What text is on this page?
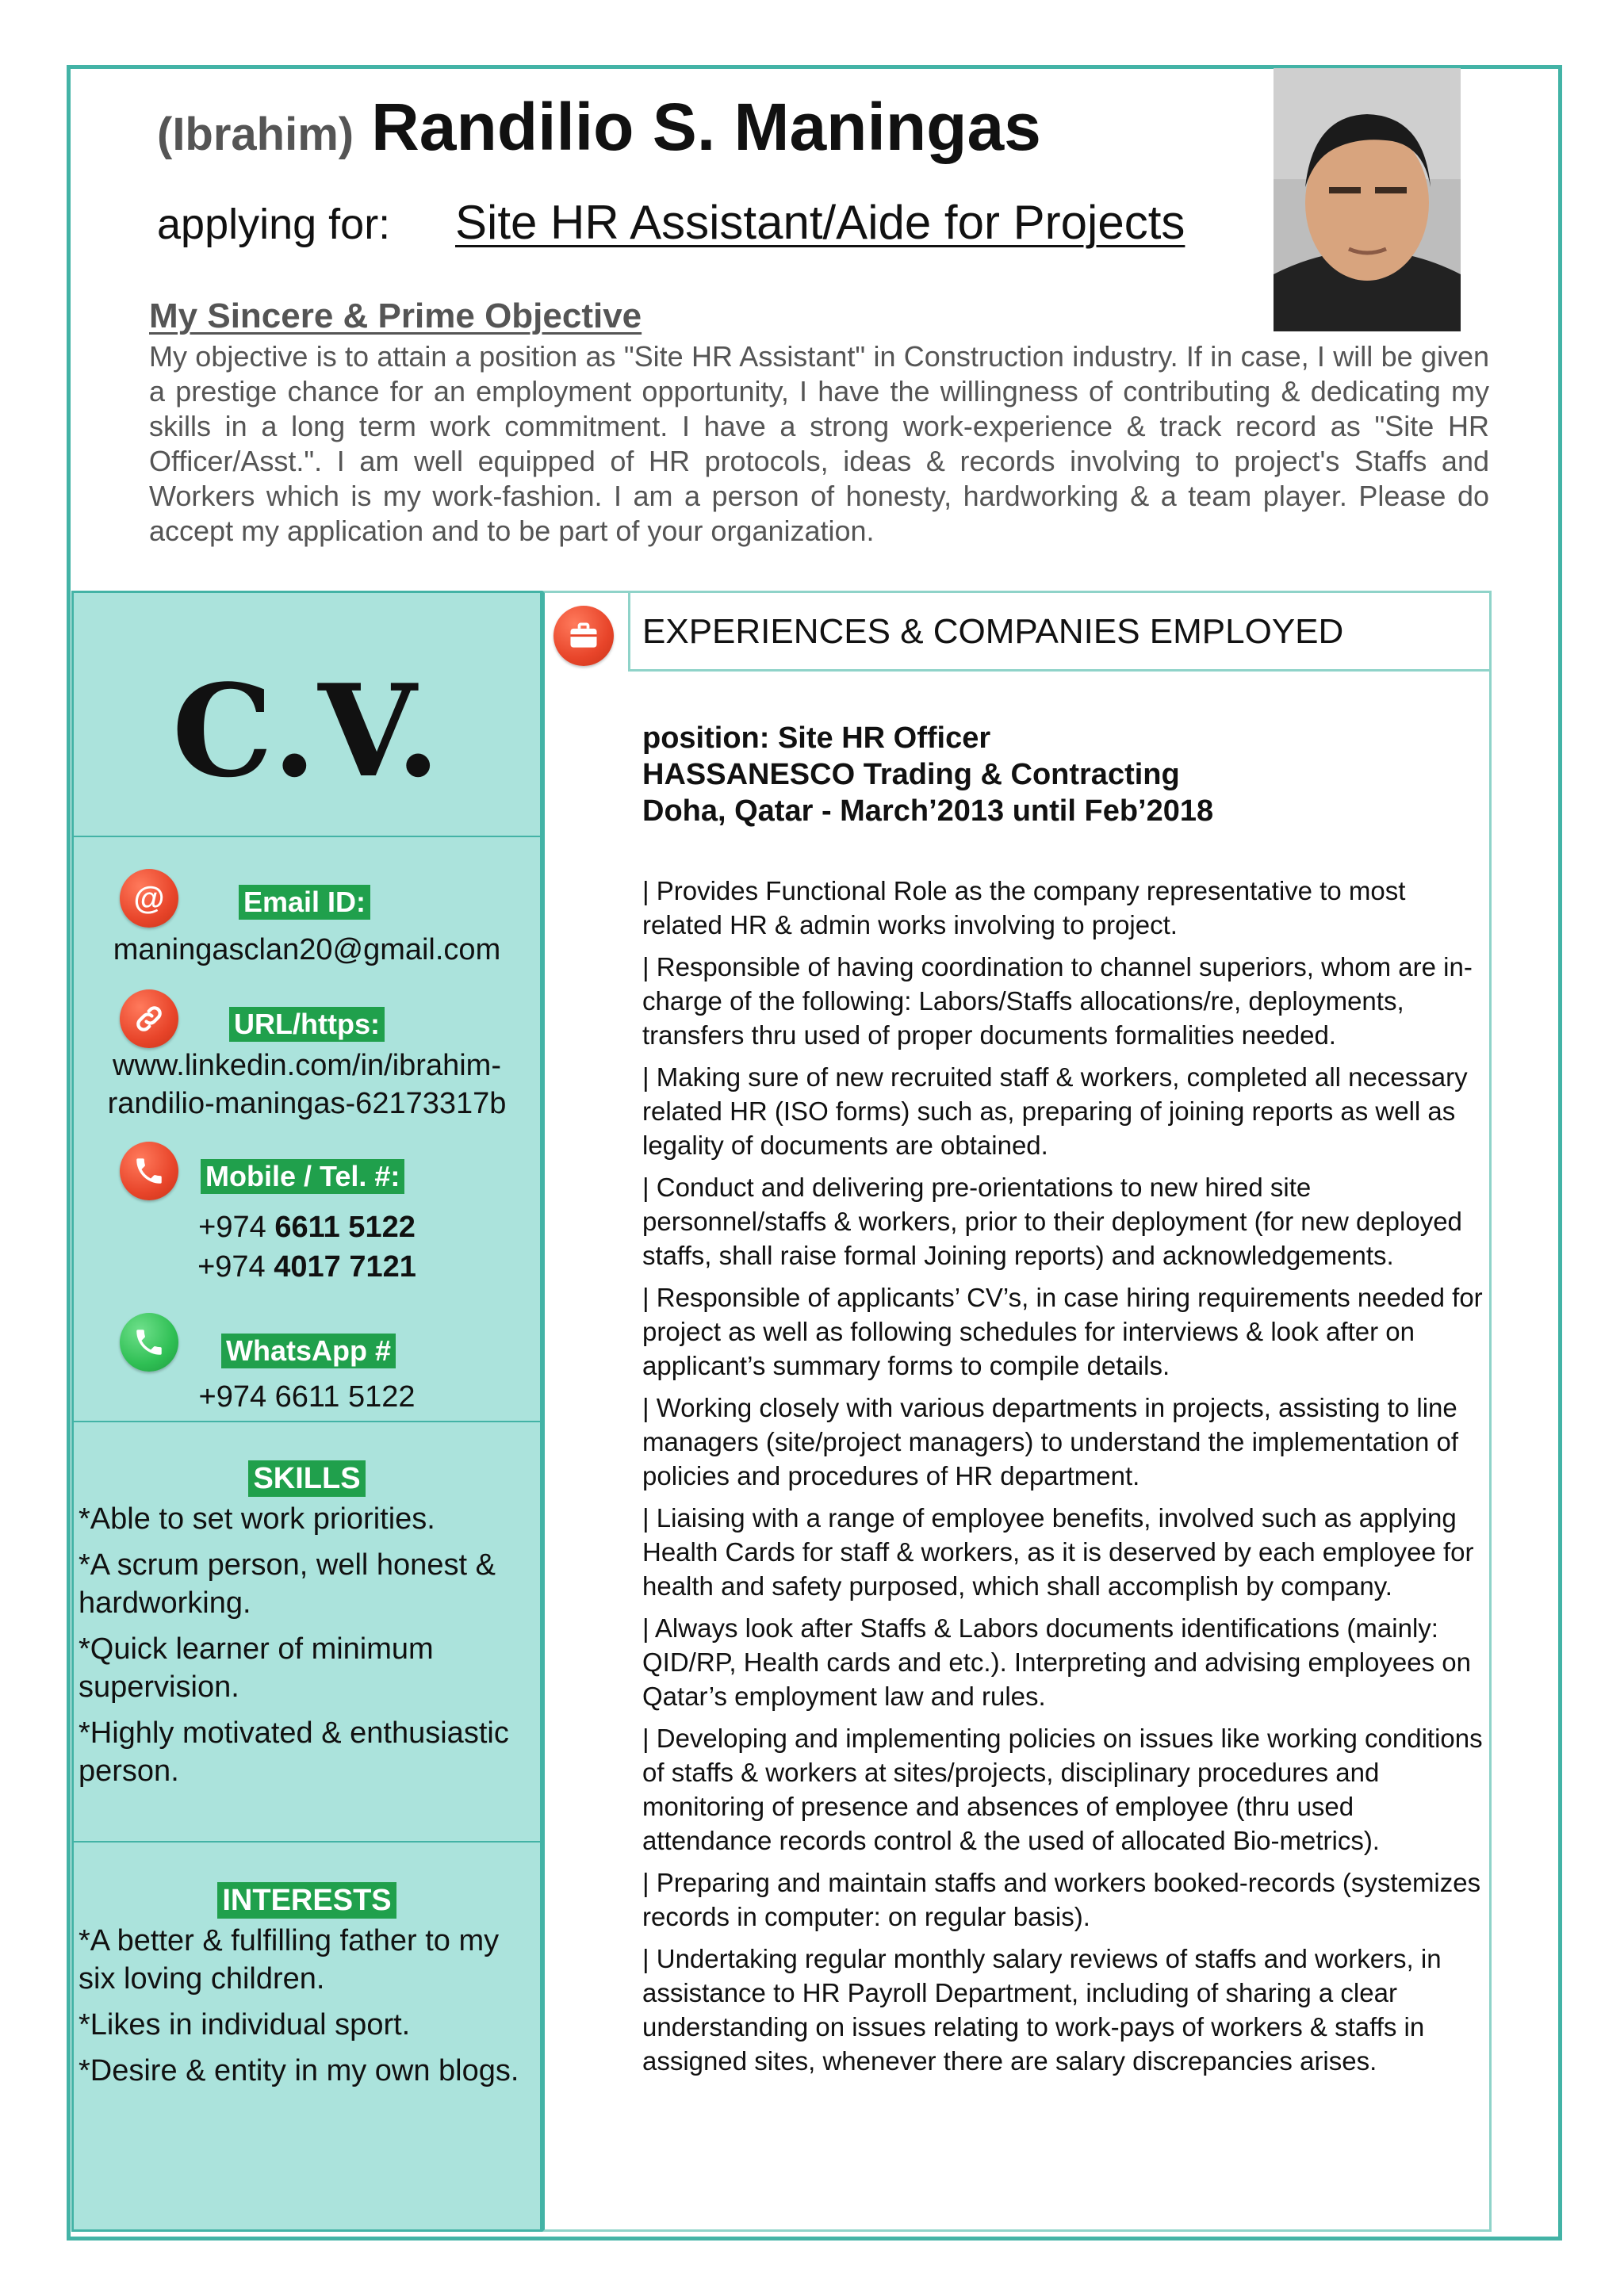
(Ibrahim) Randilio S. Maningas
applying for: Site HR Assistant/Aide for Projects
My Sincere & Prime Objective
My objective is to attain a position as "Site HR Assistant" in Construction industry. If in case, I will be given a prestige chance for an employment opportunity, I have the willingness of contributing & dedicating my skills in a long term work commitment. I have a strong work-experience & track record as "Site HR Officer/Asst.". I am well equipped of HR protocols, ideas & records involving to project's Staffs and Workers which is my work-fashion. I am a person of honesty, hardworking & a team player. Please do accept my application and to be part of your organization.
C.V.
@	Email ID:
maningasclan20@gmail.com
URL/https:
www.linkedin.com/in/ibrahim-
randilio-maningas-62173317b
Mobile / Tel. #:
+974 6611 5122
+974 4017 7121
WhatsApp #
+974 6611 5122
SKILLS

*Able to set work priorities.

*A scrum person, well honest & hardworking.

*Quick learner of minimum supervision.

*Highly motivated & enthusiastic person.

INTERESTS

*A better & fulfilling father to my six loving children.

*Likes in individual sport.

*Desire & entity in my own blogs.

EXPERIENCES & COMPANIES EMPLOYED
position: Site HR Officer
HASSANESCO Trading & Contracting
Doha, Qatar - March’2013 until Feb’2018

| Provides Functional Role as the company representative to most related HR & admin works involving to project.

| Responsible of having coordination to channel superiors, whom are in-charge of the following: Labors/Staffs allocations/re, deployments, transfers thru used of proper documents formalities needed.

| Making sure of new recruited staff & workers, completed all necessary related HR (ISO forms) such as, preparing of joining reports as well as legality of documents are obtained.

| Conduct and delivering pre-orientations to new hired site personnel/staffs & workers, prior to their deployment (for new deployed staffs, shall raise formal Joining reports) and acknowledgements.

| Responsible of applicants’ CV’s, in case hiring requirements needed for project as well as following schedules for interviews & look after on applicant’s summary forms to compile details.

| Working closely with various departments in projects, assisting to line managers (site/project managers) to understand the implementation of policies and procedures of HR department.

| Liaising with a range of employee benefits, involved such as applying Health Cards for staff & workers, as it is deserved by each employee for health and safety purposed, which shall accomplish by company.

| Always look after Staffs & Labors documents identifications (mainly: QID/RP, Health cards and etc.). Interpreting and advising employees on Qatar’s employment law and rules.

| Developing and implementing policies on issues like working conditions of staffs & workers at sites/projects, disciplinary procedures and monitoring of presence and absences of employee (thru used attendance records control & the used of allocated Bio-metrics).

| Preparing and maintain staffs and workers booked-records (systemizes records in computer: on regular basis).

| Undertaking regular monthly salary reviews of staffs and workers, in assistance to HR Payroll Department, including of sharing a clear understanding on issues relating to work-pays of workers & staffs in assigned sites, whenever there are salary discrepancies arises.
